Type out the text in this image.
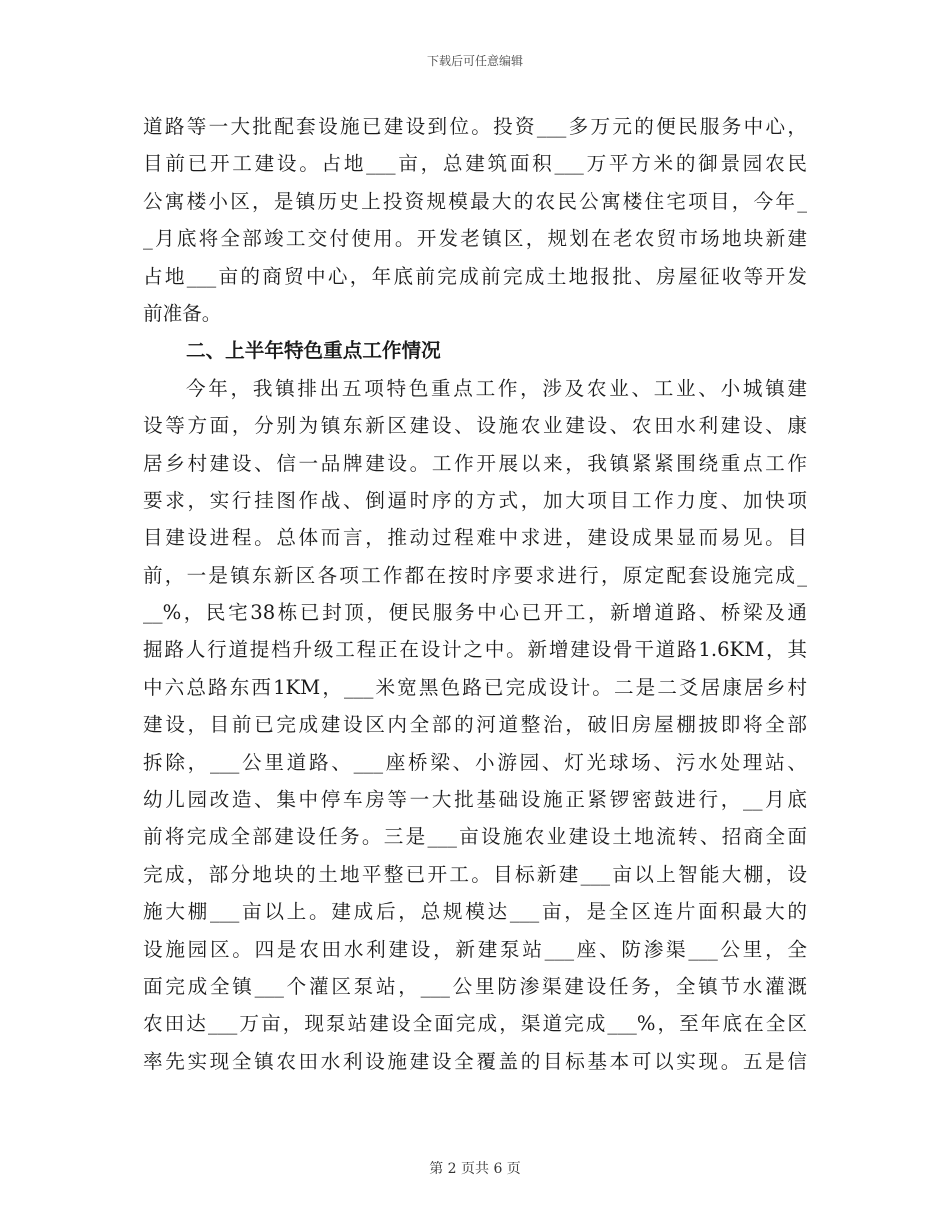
下载后可任意编辑
道路等一大批配套设施已建设到位。投资___多万元的便民服务中心，
目前已开工建设。占地___亩，总建筑面积___万平方米的御景园农民
公寓楼小区，是镇历史上投资规模最大的农民公寓楼住宅项目，今年_
_月底将全部竣工交付使用。开发老镇区，规划在老农贸市场地块新建
占地___亩的商贸中心，年底前完成前完成土地报批、房屋征收等开发
前准备。
二、上半年特色重点工作情况
今年，我镇排出五项特色重点工作，涉及农业、工业、小城镇建
设等方面，分别为镇东新区建设、设施农业建设、农田水利建设、康
居乡村建设、信一品牌建设。工作开展以来，我镇紧紧围绕重点工作
要求，实行挂图作战、倒逼时序的方式，加大项目工作力度、加快项
目建设进程。总体而言，推动过程难中求进，建设成果显而易见。目
前，一是镇东新区各项工作都在按时序要求进行，原定配套设施完成_
__%，民宅38栋已封顶，便民服务中心已开工，新增道路、桥梁及通
掘路人行道提档升级工程正在设计之中。新增建设骨干道路1.6KM，其
中六总路东西1KM，___米宽黑色路已完成设计。二是二爻居康居乡村
建设，目前已完成建设区内全部的河道整治，破旧房屋棚披即将全部
拆除，___公里道路、___座桥梁、小游园、灯光球场、污水处理站、
幼儿园改造、集中停车房等一大批基础设施正紧锣密鼓进行，__月底
前将完成全部建设任务。三是___亩设施农业建设土地流转、招商全面
完成，部分地块的土地平整已开工。目标新建___亩以上智能大棚，设
施大棚___亩以上。建成后，总规模达___亩，是全区连片面积最大的
设施园区。四是农田水利建设，新建泵站___座、防渗渠___公里，全
面完成全镇___个灌区泵站，___公里防渗渠建设任务，全镇节水灌溉
农田达___万亩，现泵站建设全面完成，渠道完成___%，至年底在全区
率先实现全镇农田水利设施建设全覆盖的目标基本可以实现。五是信
第 2 页共 6 页
